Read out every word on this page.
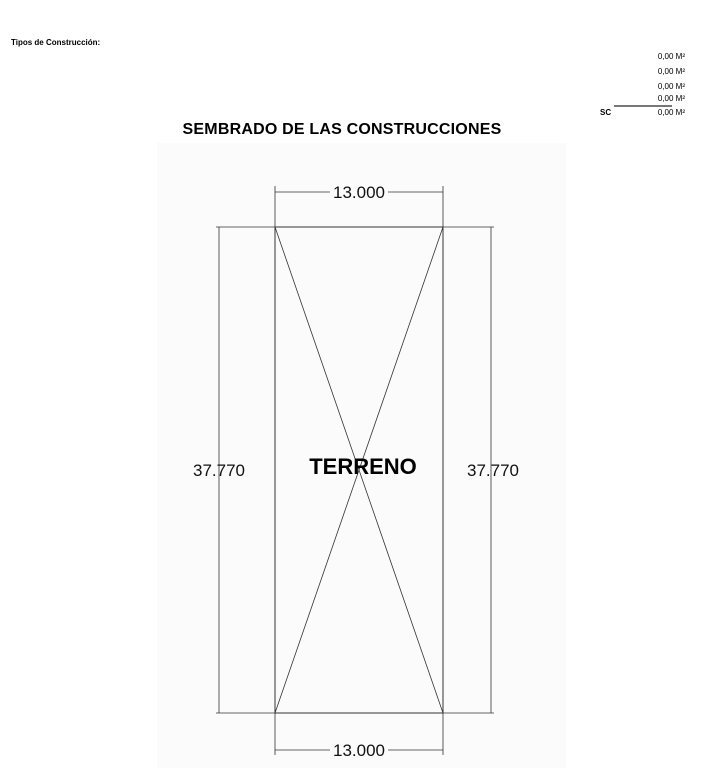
Tipos de Construcción:
0,00 M²
0,00 M²
0,00 M²
0,00 M²
SC	0,00 M²
SEMBRADO DE LAS CONSTRUCCIONES
13.000
13.000
37.770	37.770
TERRENO
